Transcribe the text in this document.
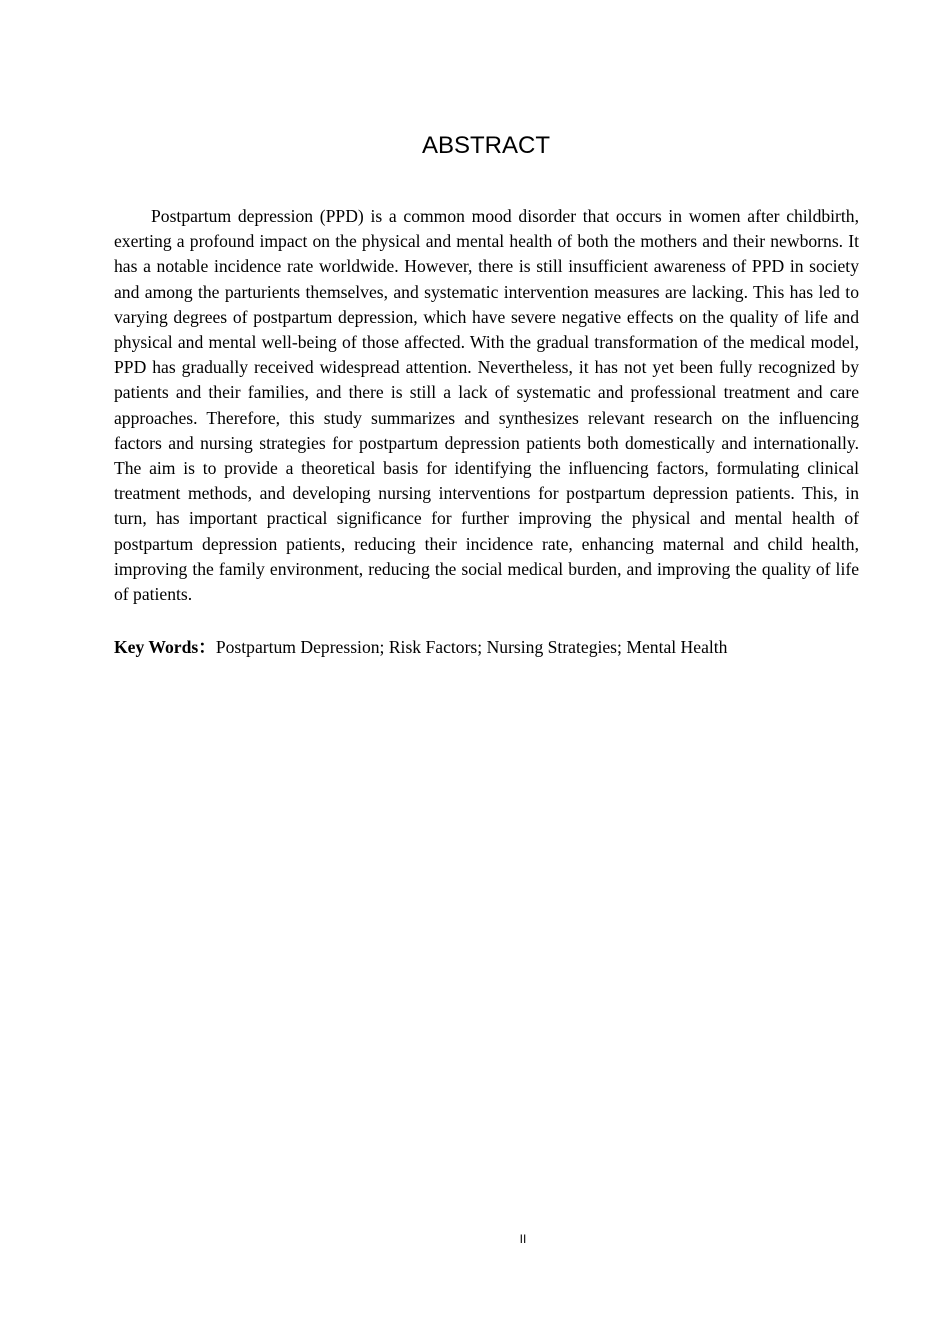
ABSTRACT

Postpartum depression (PPD) is a common mood disorder that occurs in women after childbirth, exerting a profound impact on the physical and mental health of both the mothers and their newborns. It has a notable incidence rate worldwide. However, there is still insufficient awareness of PPD in society and among the parturients themselves, and systematic intervention measures are lacking. This has led to varying degrees of postpartum depression, which have severe negative effects on the quality of life and physical and mental well-being of those affected. With the gradual transformation of the medical model, PPD has gradually received widespread attention. Nevertheless, it has not yet been fully recognized by patients and their families, and there is still a lack of systematic and professional treatment and care approaches. Therefore, this study summarizes and synthesizes relevant research on the influencing factors and nursing strategies for postpartum depression patients both domestically and internationally. The aim is to provide a theoretical basis for identifying the influencing factors, formulating clinical treatment methods, and developing nursing interventions for postpartum depression patients. This, in turn, has important practical significance for further improving the physical and mental health of postpartum depression patients, reducing their incidence rate, enhancing maternal and child health, improving the family environment, reducing the social medical burden, and improving the quality of life of patients.

Key Words：Postpartum Depression; Risk Factors; Nursing Strategies; Mental Health

II
